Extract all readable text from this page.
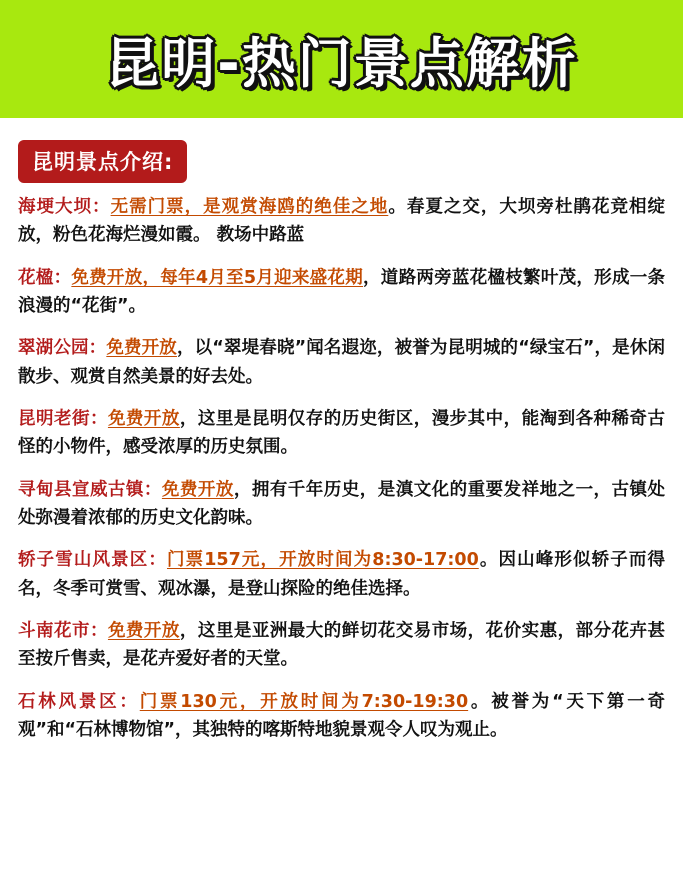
昆明-热门景点解析
昆明景点介绍:

海埂大坝：无需门票，是观赏海鸥的绝佳之地。春夏之交，大坝旁杜鹃花竞相绽放，粉色花海烂漫如霞。 教场中路蓝

花楹：免费开放，每年4月至5月迎来盛花期，道路两旁蓝花楹枝繁叶茂，形成一条浪漫的“花街”。

翠湖公园：免费开放，以“翠堤春晓”闻名遐迩，被誉为昆明城的“绿宝石”，是休闲散步、观赏自然美景的好去处。

昆明老街：免费开放，这里是昆明仅存的历史街区，漫步其中，能淘到各种稀奇古怪的小物件，感受浓厚的历史氛围。

寻甸县宣威古镇：免费开放，拥有千年历史，是滇文化的重要发祥地之一，古镇处处弥漫着浓郁的历史文化韵味。

轿子雪山风景区：门票157元，开放时间为8:30-17:00。因山峰形似轿子而得名，冬季可赏雪、观冰瀑，是登山探险的绝佳选择。

斗南花市：免费开放，这里是亚洲最大的鲜切花交易市场，花价实惠，部分花卉甚至按斤售卖，是花卉爱好者的天堂。

石林风景区：门票130元，开放时间为7:30-19:30。被誉为“天下第一奇观”和“石林博物馆”，其独特的喀斯特地貌景观令人叹为观止。
